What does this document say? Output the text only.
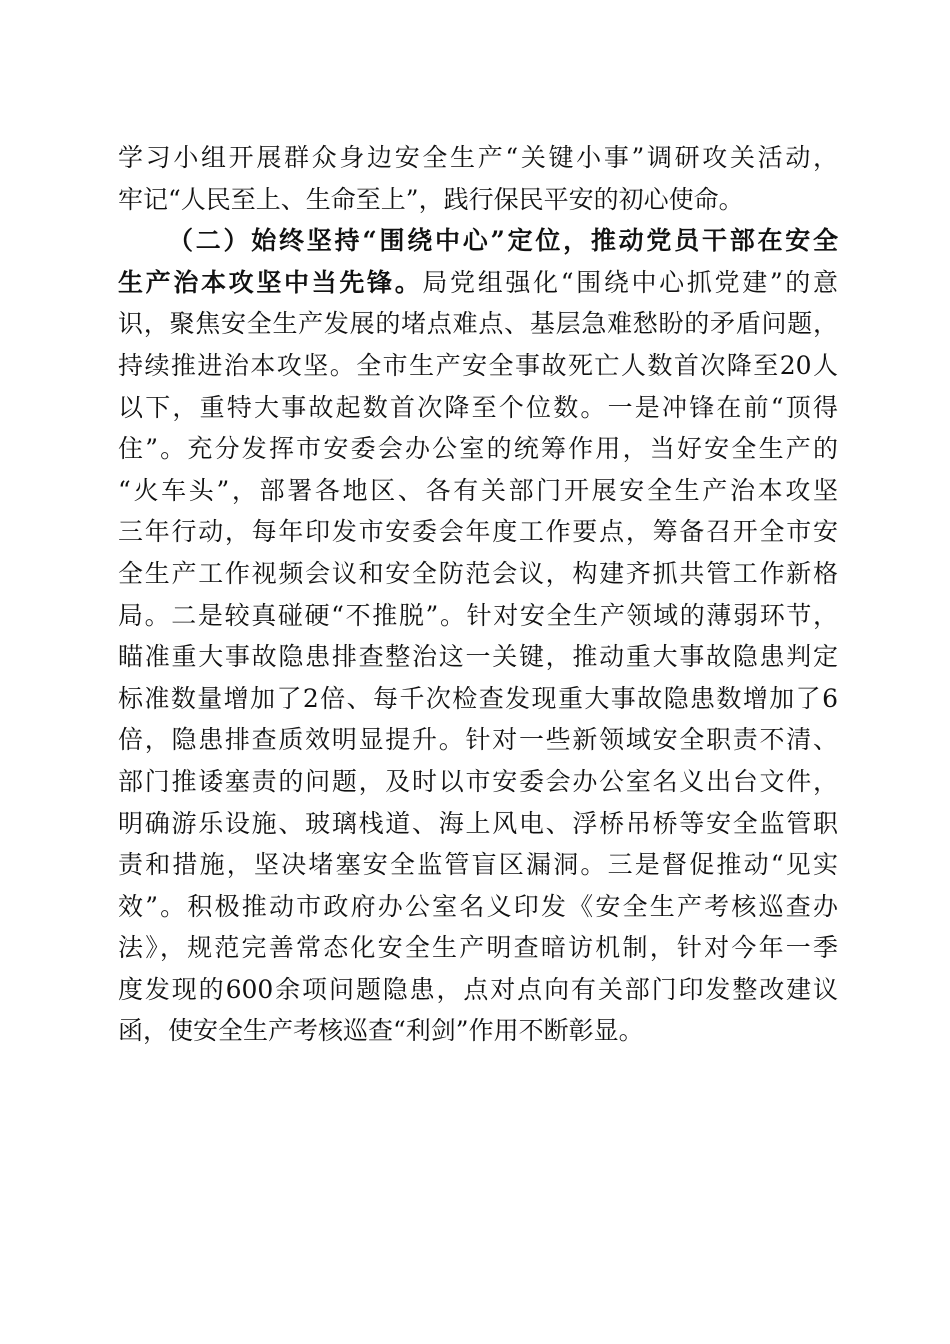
学习小组开展群众身边安全生产“关键小事”调研攻关活动，
牢记“人民至上、生命至上”，践行保民平安的初心使命。
（二）始终坚持“围绕中心”定位，推动党员干部在安全
生产治本攻坚中当先锋。局党组强化“围绕中心抓党建”的意
识，聚焦安全生产发展的堵点难点、基层急难愁盼的矛盾问题，
持续推进治本攻坚。全市生产安全事故死亡人数首次降至20人
以下，重特大事故起数首次降至个位数。一是冲锋在前“顶得
住”。充分发挥市安委会办公室的统筹作用，当好安全生产的
“火车头”，部署各地区、各有关部门开展安全生产治本攻坚
三年行动，每年印发市安委会年度工作要点，筹备召开全市安
全生产工作视频会议和安全防范会议，构建齐抓共管工作新格
局。二是较真碰硬“不推脱”。针对安全生产领域的薄弱环节，
瞄准重大事故隐患排查整治这一关键，推动重大事故隐患判定
标准数量增加了2倍、每千次检查发现重大事故隐患数增加了6
倍，隐患排查质效明显提升。针对一些新领域安全职责不清、
部门推诿塞责的问题，及时以市安委会办公室名义出台文件，
明确游乐设施、玻璃栈道、海上风电、浮桥吊桥等安全监管职
责和措施，坚决堵塞安全监管盲区漏洞。三是督促推动“见实
效”。积极推动市政府办公室名义印发《安全生产考核巡查办
法》，规范完善常态化安全生产明查暗访机制，针对今年一季
度发现的600余项问题隐患，点对点向有关部门印发整改建议
函，使安全生产考核巡查“利剑”作用不断彰显。
